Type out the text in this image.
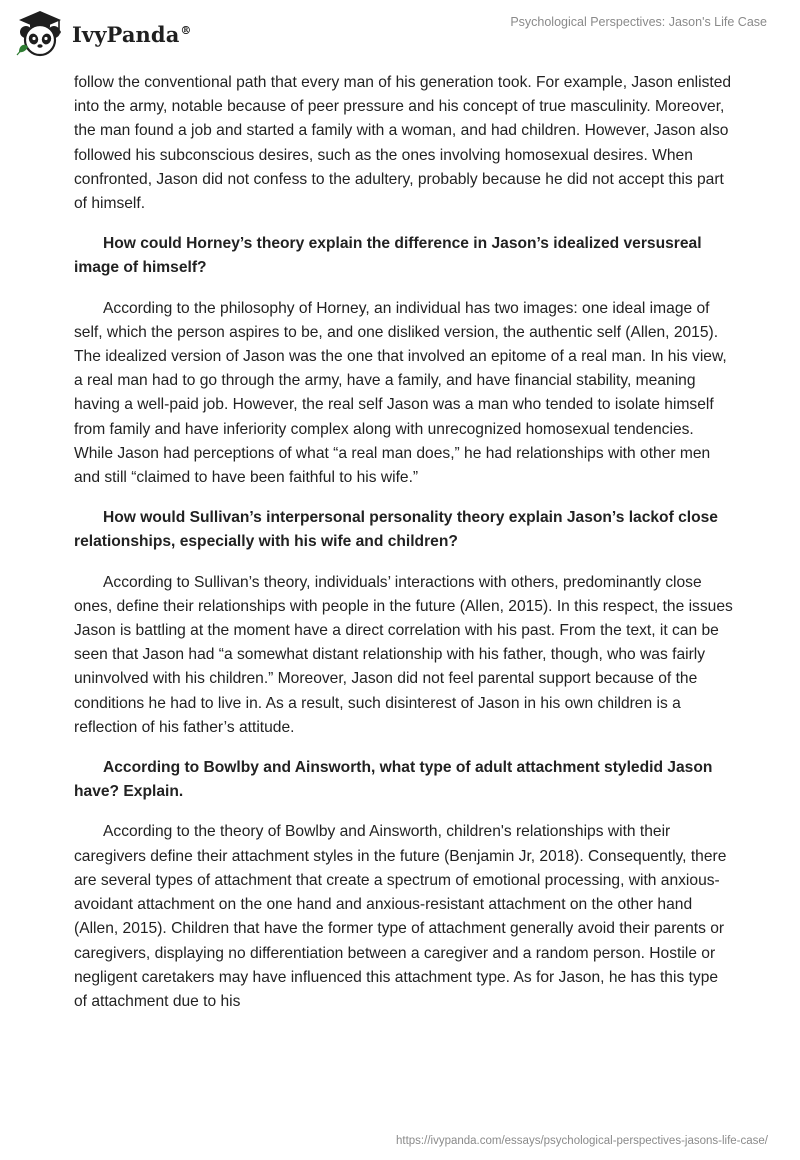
IvyPanda®
Psychological Perspectives: Jason's Life Case

follow the conventional path that every man of his generation took. For example, Jason enlisted into the army, notable because of peer pressure and his concept of true masculinity. Moreover, the man found a job and started a family with a woman, and had children. However, Jason also followed his subconscious desires, such as the ones involving homosexual desires. When confronted, Jason did not confess to the adultery, probably because he did not accept this part of himself.

How could Horney’s theory explain the difference in Jason’s idealized versusreal image of himself?

According to the philosophy of Horney, an individual has two images: one ideal image of self, which the person aspires to be, and one disliked version, the authentic self (Allen, 2015). The idealized version of Jason was the one that involved an epitome of a real man. In his view, a real man had to go through the army, have a family, and have financial stability, meaning having a well-paid job. However, the real self Jason was a man who tended to isolate himself from family and have inferiority complex along with unrecognized homosexual tendencies. While Jason had perceptions of what “a real man does,” he had relationships with other men and still “claimed to have been faithful to his wife.”

How would Sullivan’s interpersonal personality theory explain Jason’s lackof close relationships, especially with his wife and children?

According to Sullivan’s theory, individuals’ interactions with others, predominantly close ones, define their relationships with people in the future (Allen, 2015). In this respect, the issues Jason is battling at the moment have a direct correlation with his past. From the text, it can be seen that Jason had “a somewhat distant relationship with his father, though, who was fairly uninvolved with his children.” Moreover, Jason did not feel parental support because of the conditions he had to live in. As a result, such disinterest of Jason in his own children is a reflection of his father’s attitude.

According to Bowlby and Ainsworth, what type of adult attachment styledid Jason have? Explain.

According to the theory of Bowlby and Ainsworth, children's relationships with their caregivers define their attachment styles in the future (Benjamin Jr, 2018). Consequently, there are several types of attachment that create a spectrum of emotional processing, with anxious-avoidant attachment on the one hand and anxious-resistant attachment on the other hand (Allen, 2015). Children that have the former type of attachment generally avoid their parents or caregivers, displaying no differentiation between a caregiver and a random person. Hostile or negligent caretakers may have influenced this attachment type. As for Jason, he has this type of attachment due to his

https://ivypanda.com/essays/psychological-perspectives-jasons-life-case/
